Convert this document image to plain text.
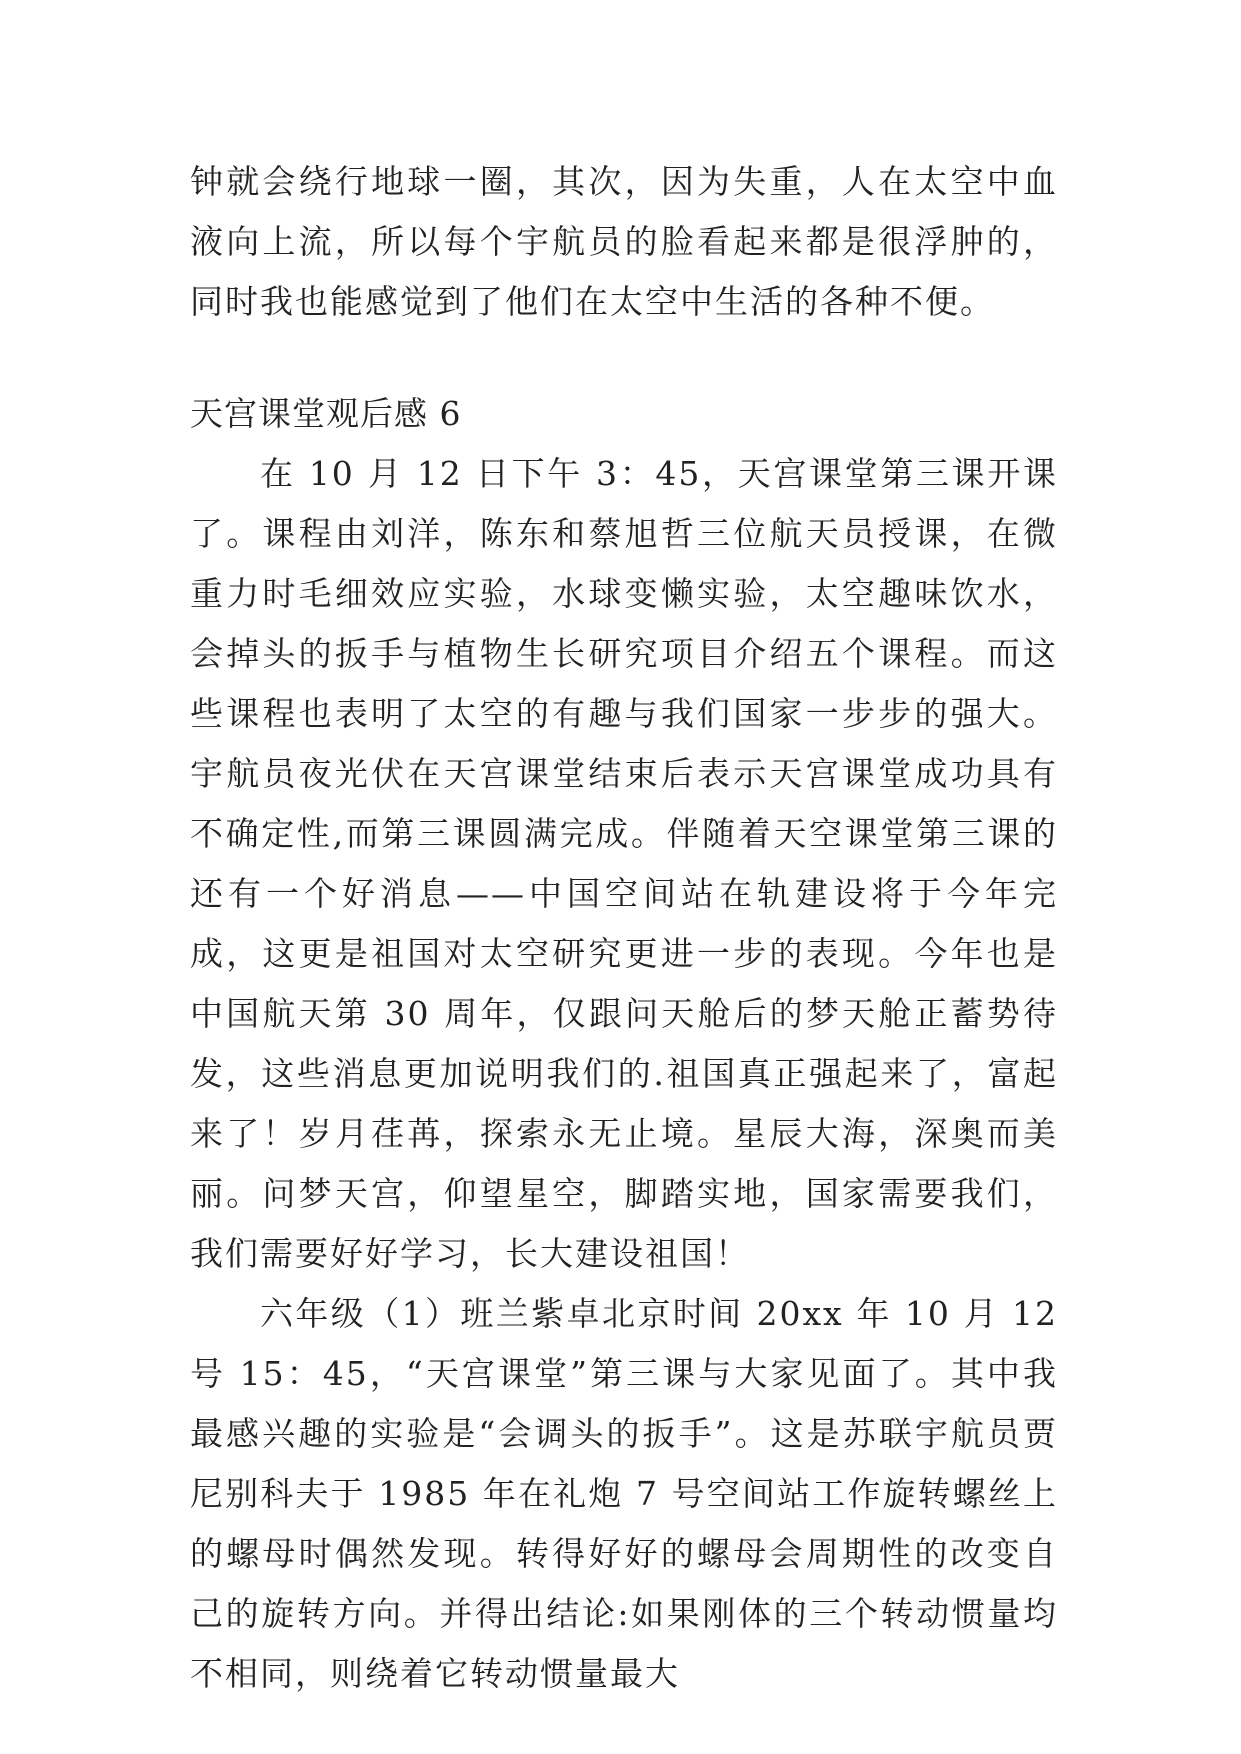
钟就会绕行地球一圈，其次，因为失重，人在太空中血液向上流，所以每个宇航员的脸看起来都是很浮肿的，同时我也能感觉到了他们在太空中生活的各种不便。

天宫课堂观后感 6

在 10 月 12 日下午 3：45，天宫课堂第三课开课了。课程由刘洋，陈东和蔡旭哲三位航天员授课，在微重力时毛细效应实验，水球变懒实验，太空趣味饮水，会掉头的扳手与植物生长研究项目介绍五个课程。而这些课程也表明了太空的有趣与我们国家一步步的强大。宇航员夜光伏在天宫课堂结束后表示天宫课堂成功具有不确定性,而第三课圆满完成。伴随着天空课堂第三课的还有一个好消息——中国空间站在轨建设将于今年完成，这更是祖国对太空研究更进一步的表现。今年也是中国航天第 30 周年，仅跟问天舱后的梦天舱正蓄势待发，这些消息更加说明我们的.祖国真正强起来了，富起来了！岁月荏苒，探索永无止境。星辰大海，深奥而美丽。问梦天宫，仰望星空，脚踏实地，国家需要我们，我们需要好好学习，长大建设祖国！

六年级（1）班兰紫卓北京时间 20xx 年 10 月 12 号 15：45，“天宫课堂”第三课与大家见面了。其中我最感兴趣的实验是“会调头的扳手”。这是苏联宇航员贾尼别科夫于 1985 年在礼炮 7 号空间站工作旋转螺丝上的螺母时偶然发现。转得好好的螺母会周期性的改变自己的旋转方向。并得出结论:如果刚体的三个转动惯量均不相同，则绕着它转动惯量最大
